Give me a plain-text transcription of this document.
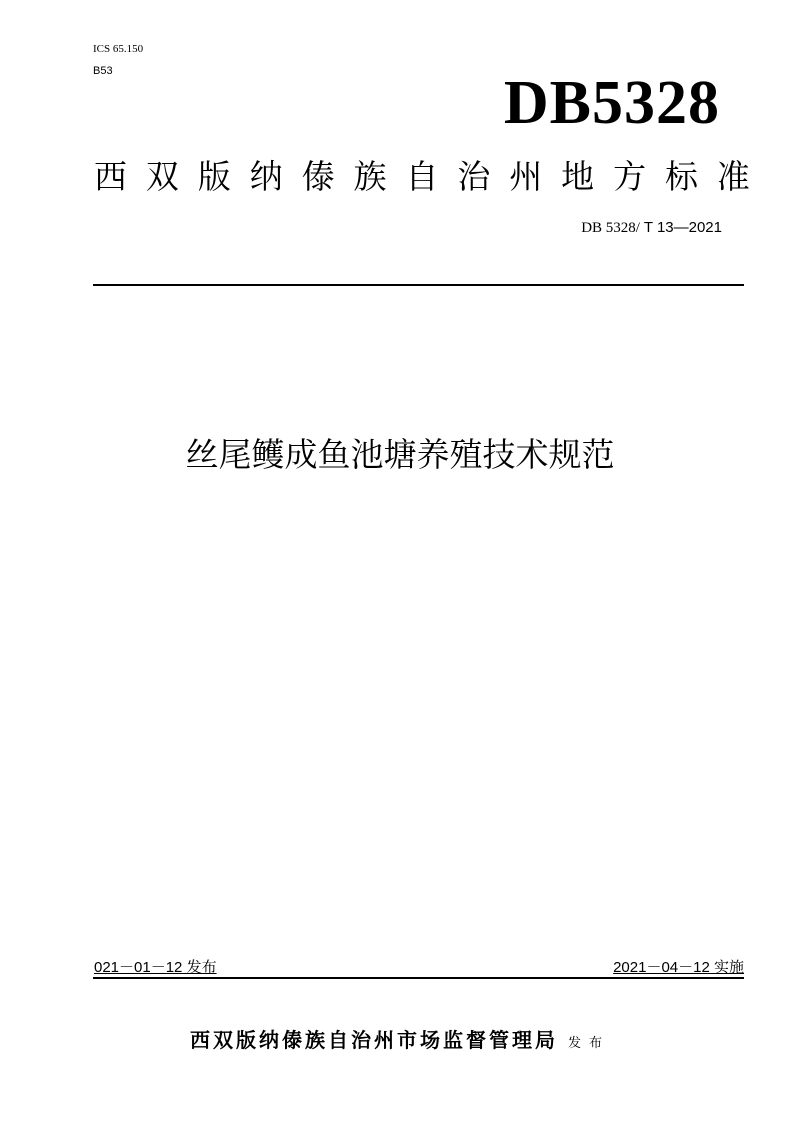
ICS 65.150
B53	DB5328
西 双 版 纳 傣 族 自 治 州 地 方 标 准
DB 5328/ T 13—2021
丝尾鳠成鱼池塘养殖技术规范
021－01－12 发布	2021－04－12 实施
西双版纳傣族自治州市场监督管理局 发布
